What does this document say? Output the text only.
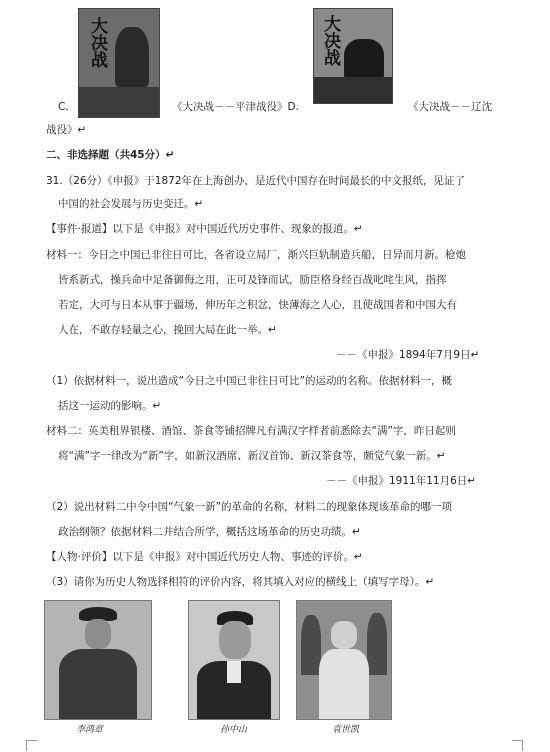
大决战	大决战
C.	《大决战－－平津战役》D.	《大决战－－辽沈
战役》↵
二、非选择题（共45分）↵
31.（26分）《申报》于1872年在上海创办，是近代中国存在时间最长的中文报纸，见证了
中国的社会发展与历史变迁。↵
【事件·报道】以下是《申报》对中国近代历史事件、现象的报道。↵
材料一：今日之中国已非往日可比，各省设立局厂，渐兴巨轨制造兵船，日异而月新。枪炮
皆系新式，操兵命中足备御侮之用，正可及锋而试，励臣格身经百战叱咤生风，指挥
若定，大可与日本从事于疆场，伸历年之积忿，快薄海之人心，且使战国者和中国大有
人在，不敢存轻量之心，挽回大局在此一举。↵
－－《申报》1894年7月9日↵
（1）依据材料一，说出造成“今日之中国已非往日可比”的运动的名称。依据材料一，概
括这一运动的影响。↵
材料二：英美租界银楼、酒馆、茶食等铺招牌凡有满汉字样者前悉除去“满”字，昨日起则
将“满”字一律改为“新”字，如新汉酒席、新汉首饰、新汉茶食等，颇觉气象一新。↵
－－《申报》1911年11月6日↵
（2）说出材料二中令中国“气象一新”的革命的名称，材料二的现象体现该革命的哪一项
政治纲领？依据材料二并结合所学，概括这场革命的历史功绩。↵
【人物·评价】以下是《申报》对中国近代历史人物、事迹的评价。↵
（3）请你为历史人物选择相符的评价内容，将其填入对应的横线上（填写字母）。↵
李鸿章	孙中山	袁世凯
